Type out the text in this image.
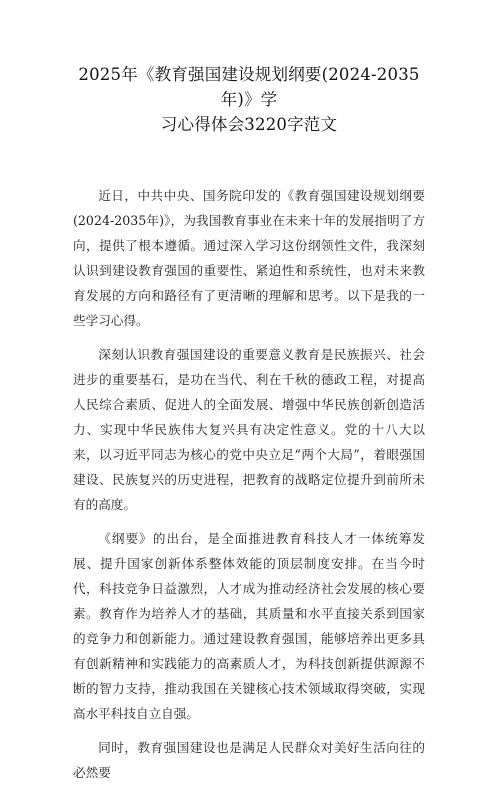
2025年《教育强国建设规划纲要(2024-2035年)》学
习心得体会3220字范文

近日，中共中央、国务院印发的《教育强国建设规划纲要(2024-2035年)》，为我国教育事业在未来十年的发展指明了方向，提供了根本遵循。通过深入学习这份纲领性文件，我深刻认识到建设教育强国的重要性、紧迫性和系统性，也对未来教育发展的方向和路径有了更清晰的理解和思考。以下是我的一些学习心得。

深刻认识教育强国建设的重要意义教育是民族振兴、社会进步的重要基石，是功在当代、利在千秋的德政工程，对提高人民综合素质、促进人的全面发展、增强中华民族创新创造活力、实现中华民族伟大复兴具有决定性意义。党的十八大以来，以习近平同志为核心的党中央立足“两个大局”，着眼强国建设、民族复兴的历史进程，把教育的战略定位提升到前所未有的高度。

《纲要》的出台，是全面推进教育科技人才一体统筹发展、提升国家创新体系整体效能的顶层制度安排。在当今时代，科技竞争日益激烈，人才成为推动经济社会发展的核心要素。教育作为培养人才的基础，其质量和水平直接关系到国家的竞争力和创新能力。通过建设教育强国，能够培养出更多具有创新精神和实践能力的高素质人才，为科技创新提供源源不断的智力支持，推动我国在关键核心技术领域取得突破，实现高水平科技自立自强。

同时，教育强国建设也是满足人民群众对美好生活向往的必然要
